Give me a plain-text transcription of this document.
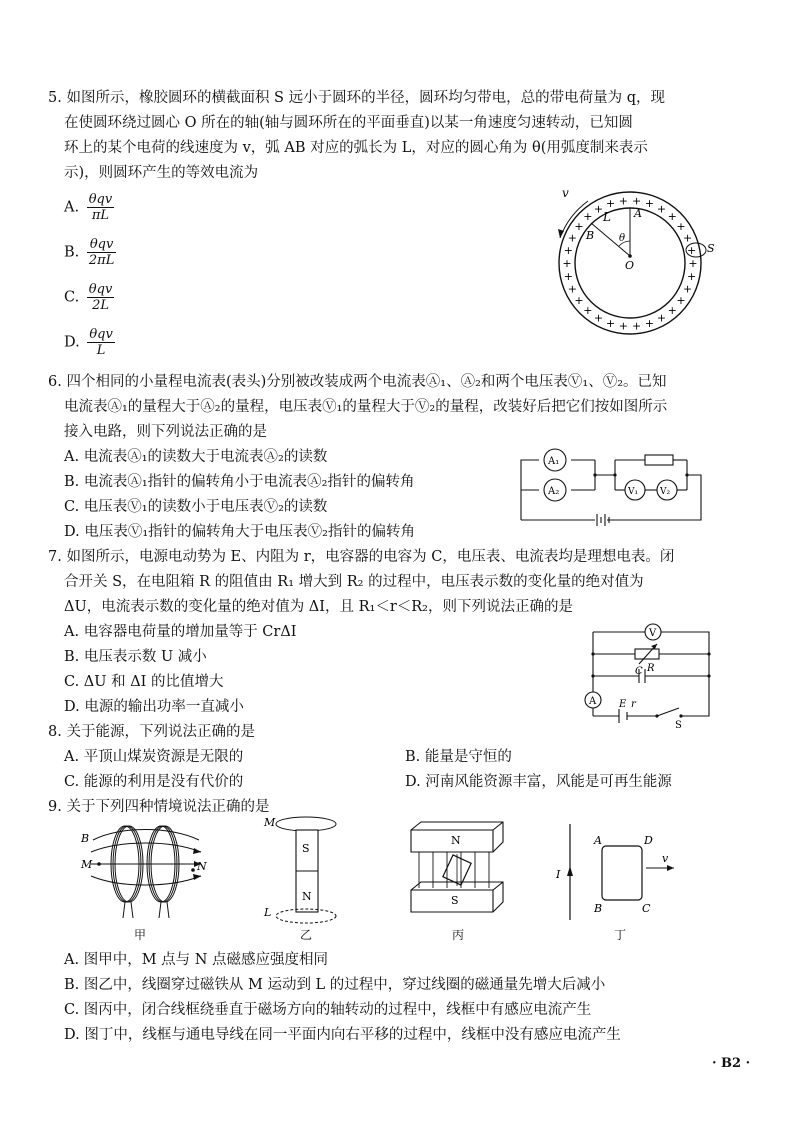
5. 如图所示，橡胶圆环的横截面积 S 远小于圆环的半径，圆环均匀带电，总的带电荷量为 q，现
在使圆环绕过圆心 O 所在的轴(轴与圆环所在的平面垂直)以某一角速度匀速转动，已知圆
环上的某个电荷的线速度为 v，弧 AB 对应的弧长为 L，对应的圆心角为 θ(用弧度制来表示
示)，则圆环产生的等效电流为
A. $\frac{\text{θqv}}{\pi L}$
B. $\frac{\text{θqv}}{2\pi L}$
C. $\frac{\text{θqv}}{2L}$
D. $\frac{\text{θqv}}{L}$
+
+
+
+
+
+
+
+
+
+
+
+
+
+
+
+
+
+
+
+
+ + + + + +
+
+
+
+
v
L A
B θ
O
S
6. 四个相同的小量程电流表(表头)分别被改装成两个电流表Ⓐ₁、Ⓐ₂和两个电压表Ⓥ₁、Ⓥ₂。已知
电流表Ⓐ₁的量程大于Ⓐ₂的量程，电压表Ⓥ₁的量程大于Ⓥ₂的量程，改装好后把它们按如图所示
接入电路，则下列说法正确的是
A. 电流表Ⓐ₁的读数大于电流表Ⓐ₂的读数
B. 电流表Ⓐ₁指针的偏转角小于电流表Ⓐ₂指针的偏转角
C. 电压表Ⓥ₁的读数小于电压表Ⓥ₂的读数
D. 电压表Ⓥ₁指针的偏转角大于电压表Ⓥ₂指针的偏转角
A₁
A₂	V₁ V₂
7. 如图所示，电源电动势为 E、内阻为 r，电容器的电容为 C，电压表、电流表均是理想电表。闭
合开关 S，在电阻箱 R 的阻值由 R₁ 增大到 R₂ 的过程中，电压表示数的变化量的绝对值为
ΔU，电流表示数的变化量的绝对值为 ΔI，且 R₁＜r＜R₂，则下列说法正确的是
A. 电容器电荷量的增加量等于 CrΔI
B. 电压表示数 U 减小
C. ΔU 和 ΔI 的比值增大
D. 电源的输出功率一直减小
V
R
C
A E r
S
8. 关于能源，下列说法正确的是
A. 平顶山煤炭资源是无限的	B. 能量是守恒的
C. 能源的利用是没有代价的	D. 河南风能资源丰富，风能是可再生能源
9. 关于下列四种情境说法正确的是
B
M	N
甲
M
S
N
L
乙
N
S
丙
I
A	D
B	C
v
丁
A. 图甲中，M 点与 N 点磁感应强度相同
B. 图乙中，线圈穿过磁铁从 M 运动到 L 的过程中，穿过线圈的磁通量先增大后减小
C. 图丙中，闭合线框绕垂直于磁场方向的轴转动的过程中，线框中有感应电流产生
D. 图丁中，线框与通电导线在同一平面内向右平移的过程中，线框中没有感应电流产生
· B2 ·
